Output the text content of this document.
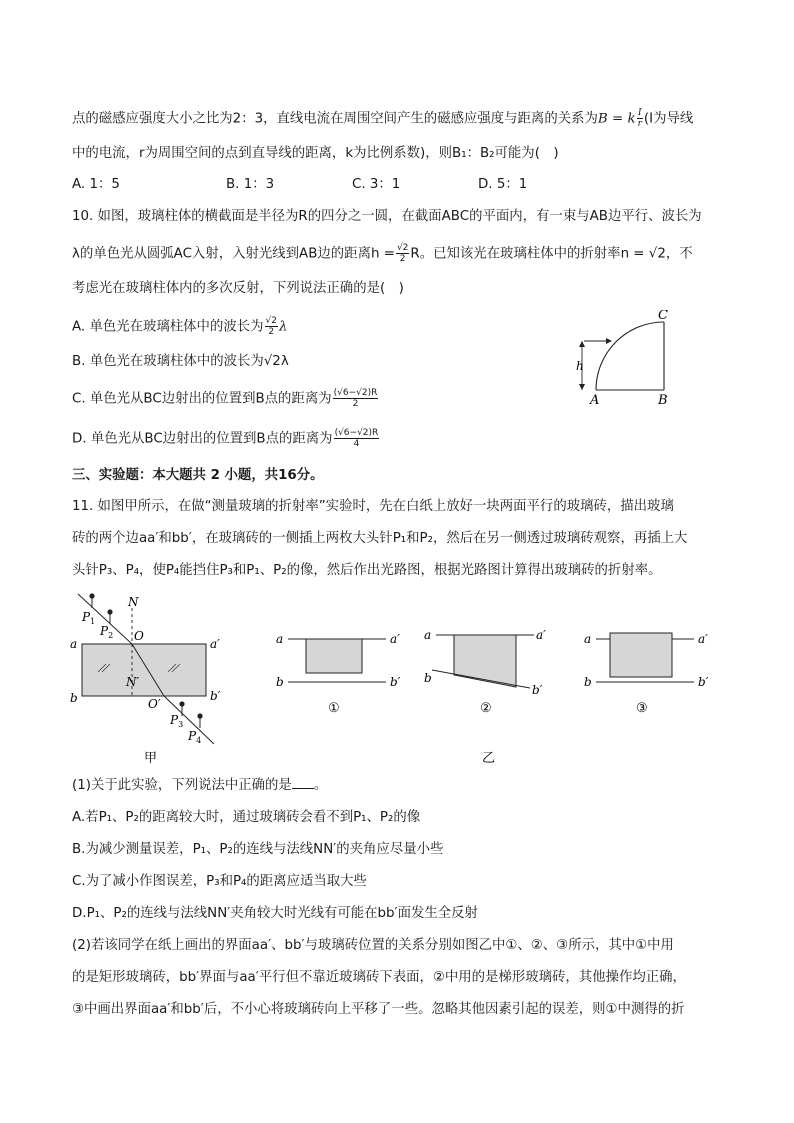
点的磁感应强度大小之比为2：3，直线电流在周围空间产生的磁感应强度与距离的关系为B = k $\frac{I}{r} (I$为导线
中的电流，r为周围空间的点到直导线的距离，k为比例系数)，则B₁：B₂可能为(　)
A. 1：5	B. 1：3	C. 3：1	D. 5：1
10. 如图，玻璃柱体的横截面是半径为R的四分之一圆，在截面ABC的平面内，有一束与AB边平行、波长为
λ的单色光从圆弧AC入射，入射光线到AB边的距离$h = \frac{√2}{2}$ R。已知该光在玻璃柱体中的折射率n = √2，不
考虑光在玻璃柱体内的多次反射，下列说法正确的是(　)
A. 单色光在玻璃柱体中的波长为 $\frac{√2}{2}$ λ
B. 单色光在玻璃柱体中的波长为√2λ
C. 单色光从BC边射出的位置到B点的距离为 $\frac{(√6-√2)R}{2}$
D. 单色光从BC边射出的位置到B点的距离为 $\frac{(√6-√2)R}{4}$
h
C
A	B
三、实验题：本大题共 2 小题，共16分。
11. 如图甲所示，在做“测量玻璃的折射率”实验时，先在白纸上放好一块两面平行的玻璃砖，描出玻璃
砖的两个边aa′和bb′，在玻璃砖的一侧插上两枚大头针P₁和P₂，然后在另一侧透过玻璃砖观察，再插上大
头针P₃、P₄，使P₄能挡住P₃和P₁、P₂的像，然后作出光路图，根据光路图计算得出玻璃砖的折射率。
a	a′
b	b′
N
N′
O
O′
$P_1$
$P_2$
$P_3$
$P_4$
甲
a	a′
b	b′
①
a	a′
b
b′
②
a	a′
b	b′
③
乙
(1)关于此实验，下列说法中正确的是 。
A.若P₁、P₂的距离较大时，通过玻璃砖会看不到P₁、P₂的像
B.为减少测量误差，P₁、P₂的连线与法线NN′的夹角应尽量小些
C.为了减小作图误差，P₃和P₄的距离应适当取大些
D.P₁、P₂的连线与法线NN′夹角较大时光线有可能在bb′面发生全反射
(2)若该同学在纸上画出的界面aa′、bb′与玻璃砖位置的关系分别如图乙中①、②、③所示，其中①中用
的是矩形玻璃砖，bb′界面与aa′平行但不靠近玻璃砖下表面，②中用的是梯形玻璃砖，其他操作均正确，
③中画出界面aa′和bb′后，不小心将玻璃砖向上平移了一些。忽略其他因素引起的误差，则①中测得的折
